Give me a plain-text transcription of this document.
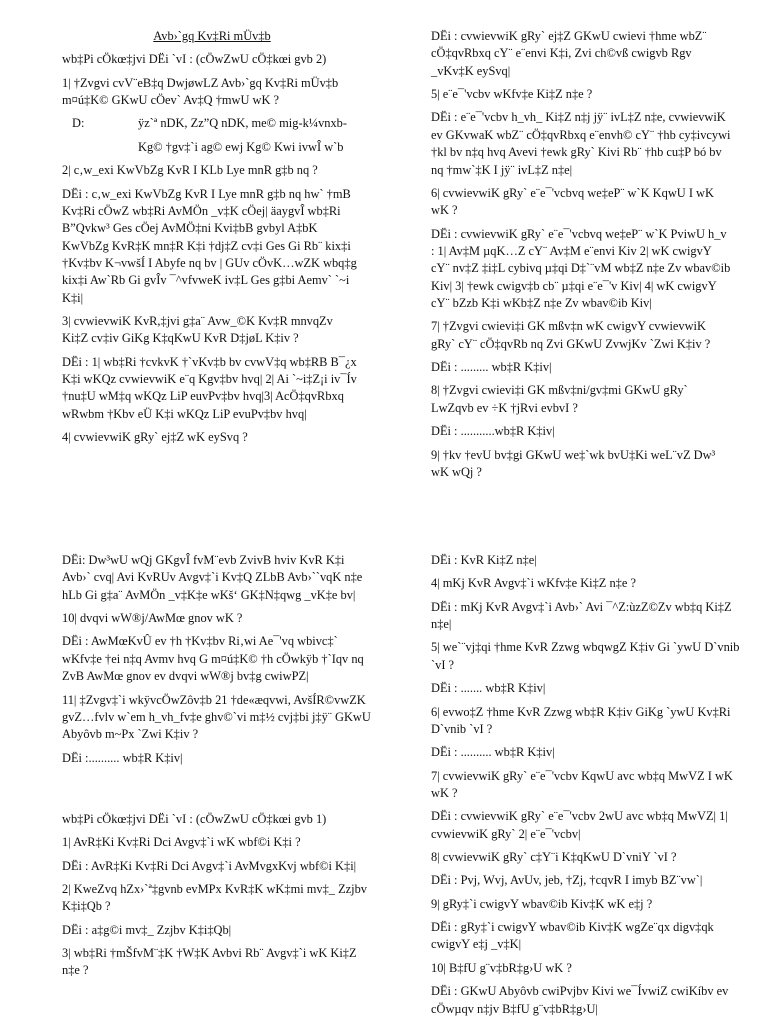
Avb›`gq Kv‡Ri mÜv‡b

wb‡Pi cÖkœ‡jvi DËi `vI : (cÖwZwU cÖ‡kœi gvb 2)

1| †Zvgvi cvV¨eB‡q DwjøwLZ Avb›`gq Kv‡Ri mÜv‡b m¤ú‡K© GKwU cÖev` Av‡Q †mwU wK ?

D:	ÿz`ª nDK, Zz”Q nDK, me© mig-k¼vnxb-

Kg© †gv‡`i ag© ewj Kg© Kwi ivwÎ w`b

2| c‚w_exi KwVbZg KvR I KLb Lye mnR g‡b nq ?

DËi : c‚w_exi KwVbZg KvR I Lye mnR g‡b nq hw` †mB Kv‡Ri cÖwZ wb‡Ri AvMÖn _v‡K cÖej| äaygvÎ wb‡Ri B”Qvkw³ Ges cÖej AvMÖ‡ni Kvi‡bB gvbyl A‡bK KwVbZg KvR‡K mn‡R K‡i †dj‡Z cv‡i Ges Gi Rb¨ kix‡i †Kv‡bv K¬vwšÍ I Abyfe nq bv | GUv cÖvK…wZK wbq‡g kix‡i Aw`Rb Gi gvÎv ¯^vfvweK iv‡L Ges g‡bi Aemv` `~i K‡i|

3| cvwievwiK KvR,‡jvi g‡a¨ Avw_©K Kv‡R mnvqZv Ki‡Z cv‡iv GiKg K‡qKwU KvR D‡jøL K‡iv ?

DËi : 1| wb‡Ri †cvkvK †`vKv‡b bv cvwV‡q wb‡RB B¯¿x K‡i wKQz cvwievwiK e¨q Kgv‡bv hvq| 2| Ai `~i‡Z¡i iv¯Ív †nu‡U wM‡q wKQz LiP euvPv‡bv hvq|3| AcÖ‡qvRbxq wRwbm †Kbv eÜ K‡i wKQz LiP evuPv‡bv hvq|

4| cvwievwiK gRy` ej‡Z wK eySvq ?

DËi : cvwievwiK gRy` ej‡Z GKwU cwievi †hme wbZ¨ cÖ‡qvRbxq cY¨ e¨envi K‡i, Zvi ch©vß cwigvb Rgv _vKv‡K eySvq|

5| e¨e¯'vcbv wKfv‡e Ki‡Z n‡e ?

DËi : e¨e¯'vcbv h_vh_ Ki‡Z n‡j jÿ¨ ivL‡Z n‡e, cvwievwiK ev GKvwaK wbZ¨ cÖ‡qvRbxq e¨envh© cY¨ †hb cy‡ivcywi †kl bv n‡q hvq Avevi †ewk gRy` Kivi Rb¨ †hb cu‡P bó bv nq †mw`‡K I jÿ¨ ivL‡Z n‡e|

6| cvwievwiK gRy` e¨e¯'vcbvq we‡eP¨ w`K KqwU I wK wK ?

DËi : cvwievwiK gRy` e¨e¯'vcbvq we‡eP¨ w`K PviwU h_v : 1| Av‡M µqK…Z cY¨ Av‡M e¨envi Kiv 2| wK cwigvY cY¨ nv‡Z ‡i‡L cybivq µ‡qi D‡`¨vM wb‡Z n‡e Zv wbav©ib Kiv| 3| †ewk cwigv‡b cb¨ µ‡qi e¨e¯'v Kiv| 4| wK cwigvY cY¨ bZzb K‡i wKb‡Z n‡e Zv wbav©ib Kiv|

7| †Zvgvi cwievi‡i GK mßv‡n wK cwigvY cvwievwiK gRy` cY¨ cÖ‡qvRb nq Zvi GKwU ZvwjKv `Zwi K‡iv ?

DËi : ......... wb‡R K‡iv|

8| †Zvgvi cwievi‡i GK mßv‡ni/gv‡mi GKwU gRy` LwZqvb ev ÷K †jRvi evbvI ?

DËi : ...........wb‡R K‡iv|

9| †kv †evU bv‡gi GKwU we‡`wk bvU‡Ki weL¨vZ Dw³ wK wQj ?

DËi: Dw³wU wQj GKgvÎ fvM¨evb ZvivB hviv KvR K‡i Avb›` cvq| Avi KvRUv Avgv‡`i Kv‡Q ZLbB Avb›``vqK n‡e hLb Gi g‡a¨ AvMÖn _v‡K‡e wKš‘ GK‡N‡qwg _vK‡e bv|

10| dvqvi wW®j/AwMœ gnov wK ?

DËi : AwMœKvÛ ev †h †Kv‡bv Ri‚wi Ae¯'vq wbivc‡` wKfv‡e †ei n‡q Avmv hvq G m¤ú‡K© †h cÖwkÿb †`Iqv nq ZvB AwMœ gnov ev dvqvi wW®j bv‡g cwiwPZ|

11| ‡Zvgv‡`i wkÿvcÖwZôv‡b 21 †de«æqvwi, AvšÍR©vwZK gvZ…fvlv w`em h_vh_fv‡e ghv©`vi m‡½ cvj‡bi j‡ÿ¨ GKwU Abyôvb m~Px `Zwi K‡iv ?

DËi :.......... wb‡R K‡iv|

wb‡Pi cÖkœ‡jvi DËi `vI : (cÖwZwU cÖ‡kœi gvb 1)

1| AvR‡Ki Kv‡Ri Dci Avgv‡`i wK wbf©i K‡i ?

DËi : AvR‡Ki Kv‡Ri Dci Avgv‡`i AvMvgxKvj wbf©i K‡i|

2| KweZvq hZx›`ª‡gvnb evMPx KvR‡K wK‡mi mv‡_ Zzjbv K‡i‡Qb ?

DËi : a‡g©i mv‡_ Zzjbv K‡i‡Qb|

3| wb‡Ri †mŠfvM¨‡K †W‡K Avbvi Rb¨ Avgv‡`i wK Ki‡Z n‡e ?

DËi : KvR Ki‡Z n‡e|

4| mKj KvR Avgv‡`i wKfv‡e Ki‡Z n‡e ?

DËi : mKj KvR Avgv‡`i Avb›` Avi ¯^Z:ùzZ©Zv wb‡q Ki‡Z n‡e|

5| we`¨vj‡qi †hme KvR Zzwg wbqwgZ K‡iv Gi `ywU D`vnib `vI ?

DËi : ....... wb‡R K‡iv|

6| evwo‡Z †hme KvR Zzwg wb‡R K‡iv GiKg `ywU Kv‡Ri D`vnib `vI ?

DËi : .......... wb‡R K‡iv|

7| cvwievwiK gRy` e¨e¯'vcbv KqwU avc wb‡q MwVZ I wK wK ?

DËi : cvwievwiK gRy` e¨e¯'vcbv 2wU avc wb‡q MwVZ| 1| cvwievwiK gRy` 2| e¨e¯'vcbv|

8| cvwievwiK gRy` c‡Y¨i K‡qKwU D`vniY `vI ?

DËi : Pvj, Wvj, AvUv, jeb, †Zj, †cqvR I imyb BZ¨vw`|

9| gRy‡`i cwigvY wbav©ib Kiv‡K wK e‡j ?

DËi : gRy‡`i cwigvY wbav©ib Kiv‡K wgZe¨qx digv‡qk cwigvY e‡j _v‡K|

10| B‡fU g¨v‡bR‡g›U wK ?

DËi : GKwU Abyôvb cwiPvjbv Kivi we¯ÍvwiZ cwiKíbv ev cÖwµqv n‡jv B‡fU g¨v‡bR‡g›U|
